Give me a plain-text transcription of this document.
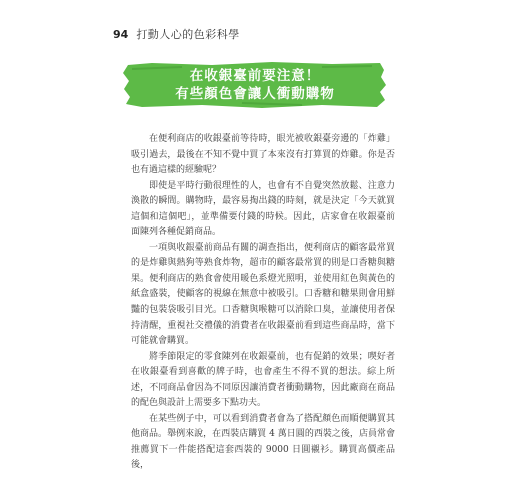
94 打動人心的色彩科學
在收銀臺前要注意！
有些顏色會讓人衝動購物

在便利商店的收銀臺前等待時，眼光被收銀臺旁邊的「炸雞」吸引過去，最後在不知不覺中買了本來沒有打算買的炸雞。你是否也有過這樣的經驗呢？

即使是平時行動很理性的人，也會有不自覺突然放鬆、注意力渙散的瞬間。購物時，最容易掏出錢的時刻，就是決定「今天就買這個和這個吧」，並準備要付錢的時候。因此，店家會在收銀臺前面陳列各種促銷商品。

一項與收銀臺前商品有關的調查指出，便利商店的顧客最常買的是炸雞與熱狗等熟食炸物，超市的顧客最常買的則是口香糖與糖果。便利商店的熟食會使用暖色系燈光照明，並使用紅色與黃色的紙盒盛裝，使顧客的視線在無意中被吸引。口香糖和糖果則會用鮮豔的包裝袋吸引目光。口香糖與喉糖可以消除口臭，並讓使用者保持清醒，重視社交禮儀的消費者在收銀臺前看到這些商品時，當下可能就會購買。

將季節限定的零食陳列在收銀臺前，也有促銷的效果；喫好者在收銀臺看到喜歡的牌子時，也會產生不得不買的想法。綜上所述，不同商品會因為不同原因讓消費者衝動購物，因此廠商在商品的配色與設計上需要多下點功夫。

在某些例子中，可以看到消費者會為了搭配顏色而順便購買其他商品。舉例來說，在西裝店購買 4 萬日圓的西裝之後，店員常會推薦買下一件能搭配這套西裝的 9000 日圓襯衫。購買高價產品後，
